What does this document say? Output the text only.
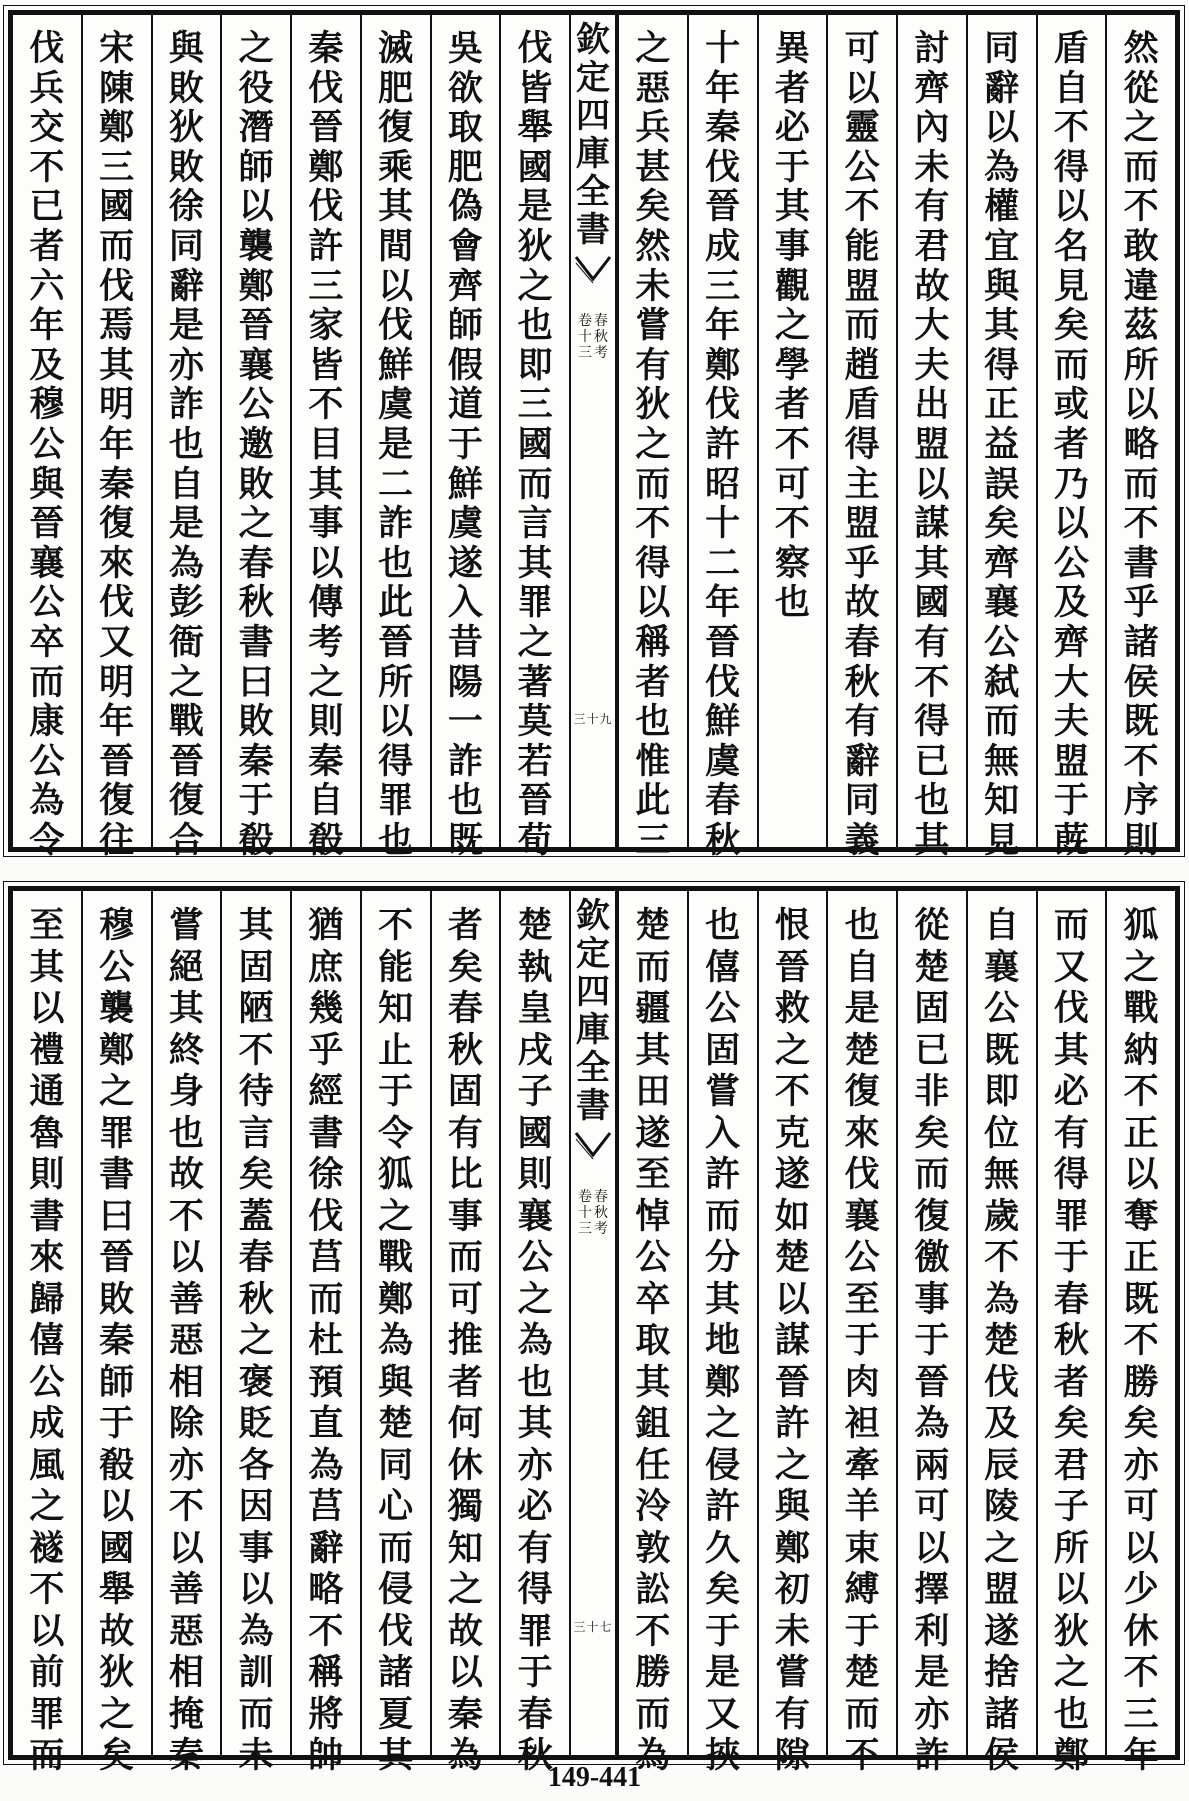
然
從
之
而
不
敢
違
茲
所
以
略
而
不
書
乎
諸
侯
既
不
序
則
盾
自
不
得
以
名
見
矣
而
或
者
乃
以
公
及
齊
大
夫
盟
于
蔇
同
辭
以
為
權
宜
與
其
得
正
益
誤
矣
齊
襄
公
弑
而
無
知
見
討
齊
內
未
有
君
故
大
夫
出
盟
以
謀
其
國
有
不
得
已
也
其
可
以
靈
公
不
能
盟
而
趙
盾
得
主
盟
乎
故
春
秋
有
辭
同
義
異
者
必
于
其
事
觀
之
學
者
不
可
不
察
也
十
年
秦
伐
晉
成
三
年
鄭
伐
許
昭
十
二
年
晉
伐
鮮
虞
春
秋
之
惡
兵
甚
矣
然
未
嘗
有
狄
之
而
不
得
以
稱
者
也
惟
此
三
欽
定
四
庫
全
書
春
秋
考
卷
十
三
三十九
伐
皆
舉
國
是
狄
之
也
即
三
國
而
言
其
罪
之
著
莫
若
晉
荀
吳
欲
取
肥
偽
會
齊
師
假
道
于
鮮
虞
遂
入
昔
陽
一
詐
也
既
滅
肥
復
乘
其
間
以
伐
鮮
虞
是
二
詐
也
此
晉
所
以
得
罪
也
秦
伐
晉
鄭
伐
許
三
家
皆
不
目
其
事
以
傳
考
之
則
秦
自
殽
之
役
潛
師
以
襲
鄭
晉
襄
公
邀
敗
之
春
秋
書
曰
敗
秦
于
殽
與
敗
狄
敗
徐
同
辭
是
亦
詐
也
自
是
為
彭
衙
之
戰
晉
復
合
宋
陳
鄭
三
國
而
伐
焉
其
明
年
秦
復
來
伐
又
明
年
晉
復
往
伐
兵
交
不
已
者
六
年
及
穆
公
與
晉
襄
公
卒
而
康
公
為
令
狐
之
戰
納
不
正
以
奪
正
既
不
勝
矣
亦
可
以
少
休
不
三
年
而
又
伐
其
必
有
得
罪
于
春
秋
者
矣
君
子
所
以
狄
之
也
鄭
自
襄
公
既
即
位
無
歲
不
為
楚
伐
及
辰
陵
之
盟
遂
捨
諸
侯
從
楚
固
已
非
矣
而
復
徼
事
于
晉
為
兩
可
以
擇
利
是
亦
詐
也
自
是
楚
復
來
伐
襄
公
至
于
肉
袒
牽
羊
束
縛
于
楚
而
不
恨
晉
救
之
不
克
遂
如
楚
以
謀
晉
許
之
與
鄭
初
未
嘗
有
隙
也
僖
公
固
嘗
入
許
而
分
其
地
鄭
之
侵
許
久
矣
于
是
又
挾
楚
而
疆
其
田
遂
至
悼
公
卒
取
其
鉏
任
泠
敦
訟
不
勝
而
為
欽
定
四
庫
全
書
春
秋
考
卷
十
三
三十七
楚
執
皇
戌
子
國
則
襄
公
之
為
也
其
亦
必
有
得
罪
于
春
秋
者
矣
春
秋
固
有
比
事
而
可
推
者
何
休
獨
知
之
故
以
秦
為
不
能
知
止
于
令
狐
之
戰
鄭
為
與
楚
同
心
而
侵
伐
諸
夏
其
猶
庶
幾
乎
經
書
徐
伐
莒
而
杜
預
直
為
莒
辭
略
不
稱
將
帥
其
固
陋
不
待
言
矣
蓋
春
秋
之
褒
貶
各
因
事
以
為
訓
而
未
嘗
絕
其
終
身
也
故
不
以
善
惡
相
除
亦
不
以
善
惡
相
掩
秦
穆
公
襲
鄭
之
罪
書
曰
晉
敗
秦
師
于
殽
以
國
舉
故
狄
之
矣
至
其
以
禮
通
魯
則
書
來
歸
僖
公
成
風
之
襚
不
以
前
罪
而
149-441
